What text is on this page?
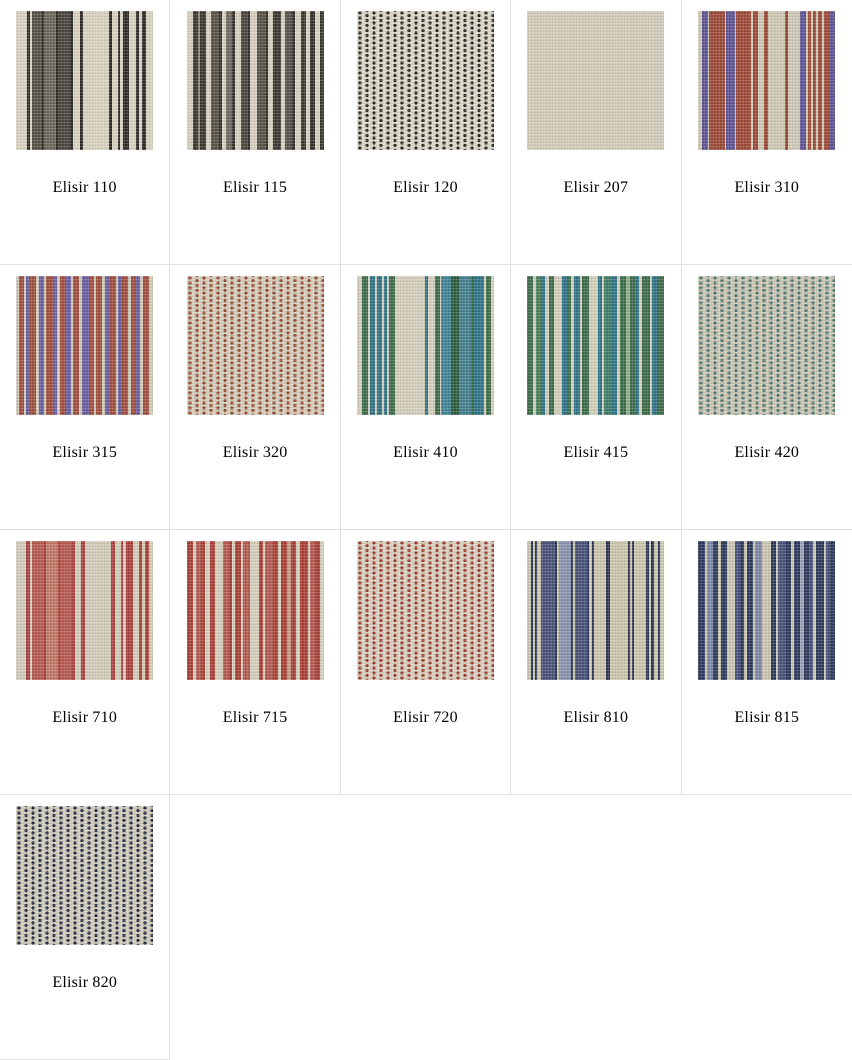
Elisir 110	Elisir 115	Elisir 120	Elisir 207	Elisir 310
Elisir 315	Elisir 320	Elisir 410	Elisir 415	Elisir 420
Elisir 710	Elisir 715	Elisir 720	Elisir 810	Elisir 815
Elisir 820
